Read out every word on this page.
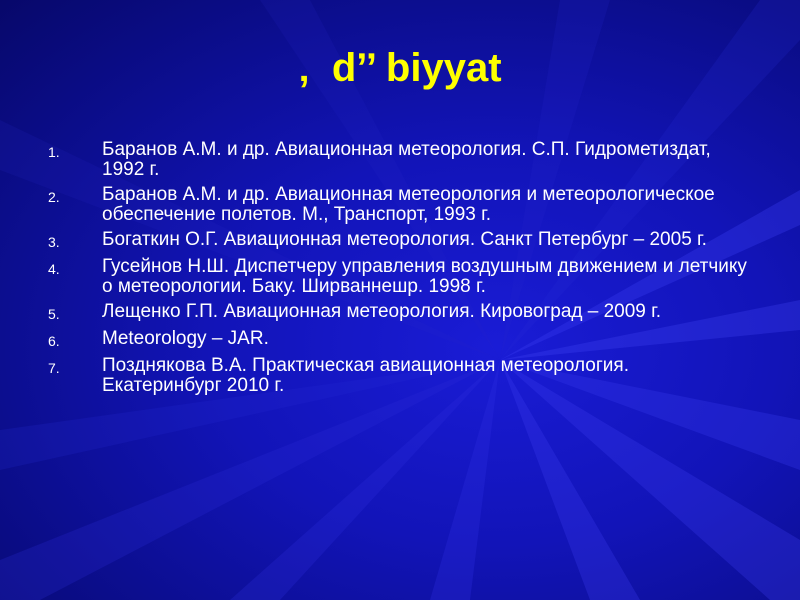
‚  d’’ biyyat
1.	Баранов А.М. и др. Авиационная метеорология. С.П. Гидрометиздат, 1992 г.
2.	Баранов А.М. и др. Авиационная метеорология и метеорологическое обеспечение полетов. М., Транспорт, 1993 г.
3.	Богаткин О.Г. Авиационная метеорология. Санкт Петербург – 2005 г.
4.	Гусейнов Н.Ш. Диспетчеру управления воздушным движением и летчику о метеорологии. Баку. Ширваннешр. 1998 г.
5.	Лещенко Г.П. Авиационная метеорология. Кировоград – 2009 г.
6.	Meteorology – JAR.
7.	Позднякова В.А. Практическая авиационная метеорология. Екатеринбург 2010 г.
